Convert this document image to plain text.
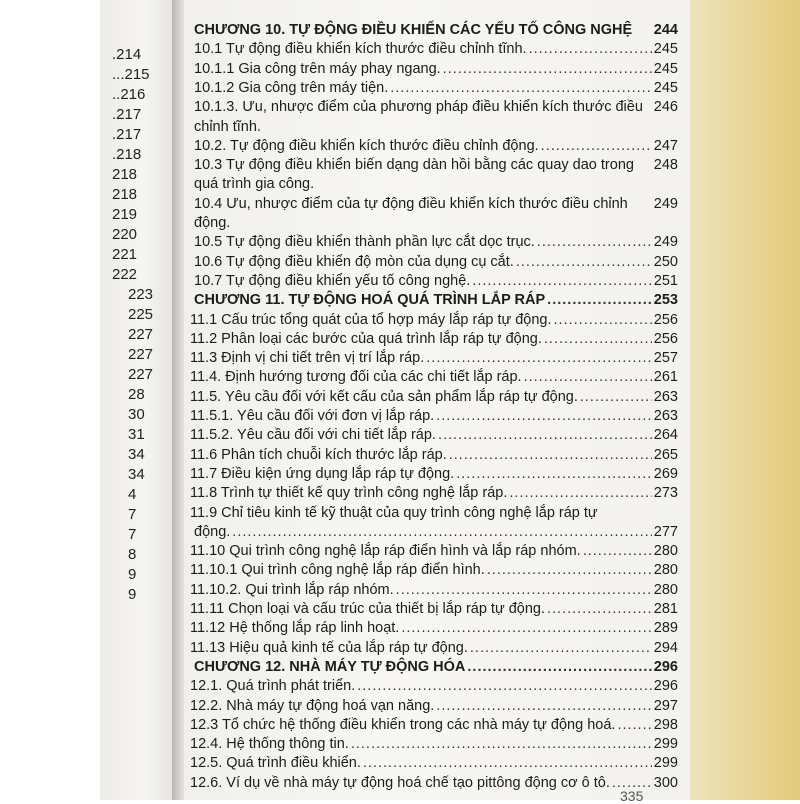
.214
...215
..216
.217
.217
.218
218
218
219
220
221
222
223
225
227
227
227
28
30
31
34
34
4
7
7
8
9
9
CHƯƠNG 10. TỰ ĐỘNG ĐIỀU KHIỂN CÁC YẾU TỐ CÔNG NGHỆ 244
10.1 Tự động điều khiển kích thước điều chỉnh tĩnh. .....	245
10.1.1 Gia công trên máy phay ngang. .....	245
10.1.2 Gia công trên máy tiện. .....	245
10.1.3. Ưu, nhược điểm của phương pháp điều khiển kích thước điều 246
chỉnh tĩnh.
10.2. Tự động điều khiển kích thước điều chỉnh động. .....	247
10.3 Tự động điều khiển biến dạng dàn hồi bằng các quay dao trong 248
quá trình gia công.
10.4 Ưu, nhược điểm của tự động điều khiển kích thước điều chỉnh 249
động.
10.5 Tự động điều khiển thành phần lực cắt dọc trục. .....	249
10.6 Tự động điều khiển độ mòn của dụng cụ cắt. .....	250
10.7 Tự động điều khiển yếu tố công nghệ. .....	251
CHƯƠNG 11. TỰ ĐỘNG HOÁ QUÁ TRÌNH LẮP RÁP .....	253
11.1 Cấu trúc tổng quát của tổ hợp máy lắp ráp tự động. .....	256
11.2 Phân loại các bước của quá trình lắp ráp tự động. .....	256
11.3 Định vị chi tiết trên vị trí lắp ráp. .....	257
11.4. Định hướng tương đối của các chi tiết lắp ráp. .....	261
11.5. Yêu cầu đối với kết cấu của sản phẩm lắp ráp tự động. .....	263
11.5.1. Yêu cầu đối với đơn vị lắp ráp. .....	263
11.5.2. Yêu cầu đối với chi tiết lắp ráp. .....	264
11.6 Phân tích chuỗi kích thước lắp ráp. .....	265
11.7 Điều kiện ứng dụng lắp ráp tự động. .....	269
11.8 Trình tự thiết kế quy trình công nghệ lắp ráp. .....	273
11.9 Chỉ tiêu kinh tế kỹ thuật của quy trình công nghệ lắp ráp tự
động. .....	277
11.10 Qui trình công nghệ lắp ráp điển hình và lắp ráp nhóm. .....	280
11.10.1 Qui trình công nghệ lắp ráp điển hình. .....	280
11.10.2. Qui trình lắp ráp nhóm. .....	280
11.11 Chọn loại và cấu trúc của thiết bị lắp ráp tự động. .....	281
11.12 Hệ thống lắp ráp linh hoạt. .....	289
11.13 Hiệu quả kinh tế của lắp ráp tự động. .....	294
CHƯƠNG 12. NHÀ MÁY TỰ ĐỘNG HÓA .....	296
12.1. Quá trình phát triển. .....	296
12.2. Nhà máy tự động hoá vạn năng. .....	297
12.3 Tổ chức hệ thống điều khiển trong các nhà máy tự động hoá. .....	298
12.4. Hệ thống thông tin. .....	299
12.5. Quá trình điều khiển. .....	299
12.6. Ví dụ về nhà máy tự động hoá chế tạo pittông động cơ ô tô. .....	300
335
